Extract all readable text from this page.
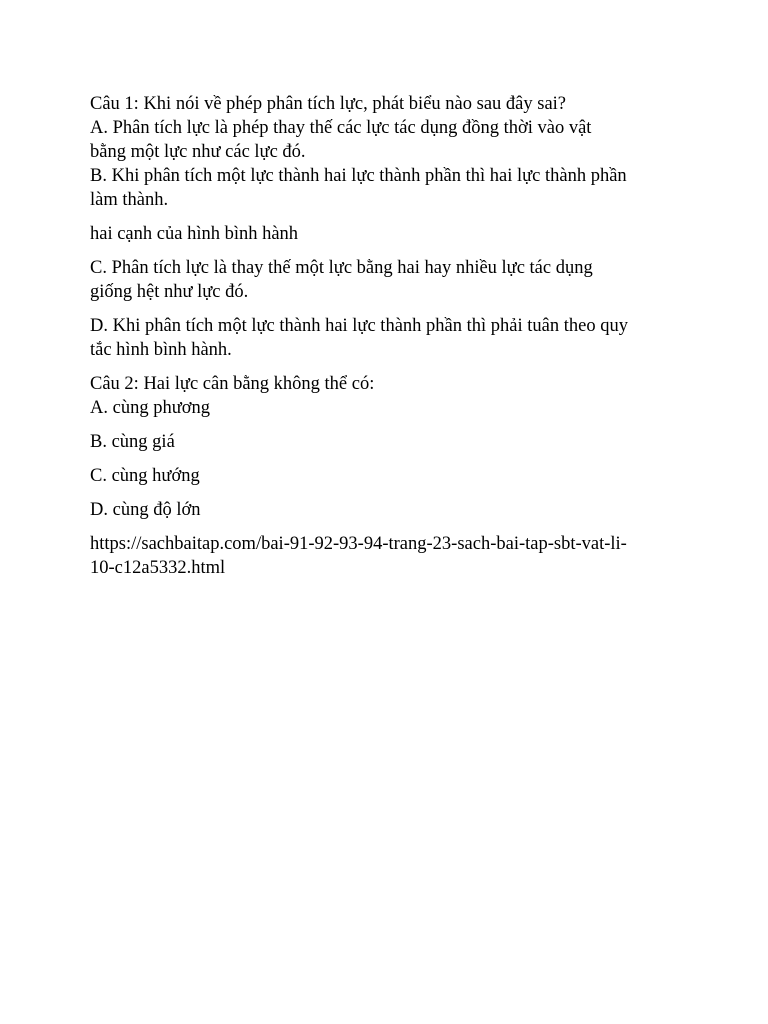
Câu 1: Khi nói về phép phân tích lực, phát biểu nào sau đây sai?
A. Phân tích lực là phép thay thế các lực tác dụng đồng thời vào vật
bằng một lực như các lực đó.
B. Khi phân tích một lực thành hai lực thành phần thì hai lực thành phần
làm thành.

hai cạnh của hình bình hành

C. Phân tích lực là thay thế một lực bằng hai hay nhiều lực tác dụng
giống hệt như lực đó.
D. Khi phân tích một lực thành hai lực thành phần thì phải tuân theo quy
tắc hình bình hành.
Câu 2: Hai lực cân bằng không thể có:
A. cùng phương

B. cùng giá

C. cùng hướng

D. cùng độ lớn

https://sachbaitap.com/bai-91-92-93-94-trang-23-sach-bai-tap-sbt-vat-li-
10-c12a5332.html
